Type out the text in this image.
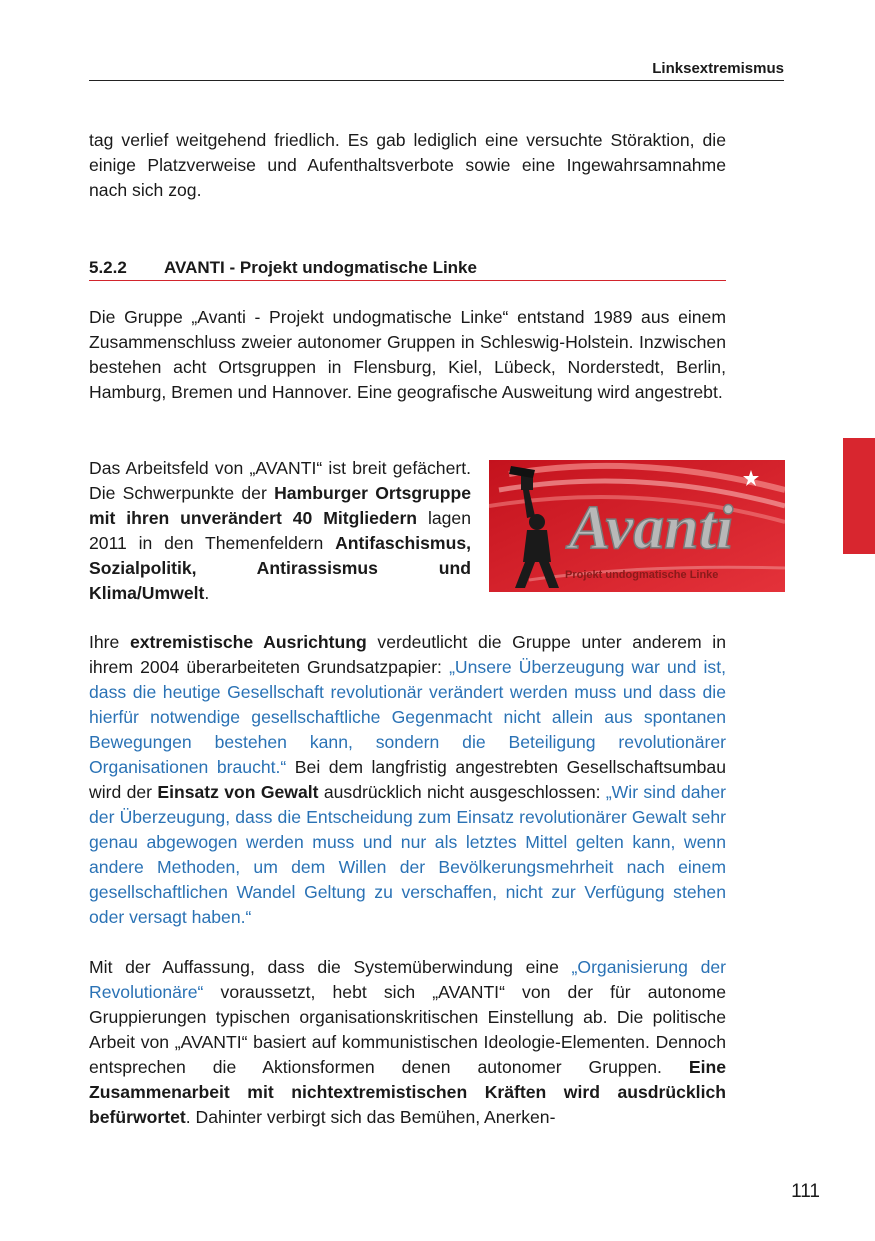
Linksextremismus

tag verlief weitgehend friedlich. Es gab lediglich eine versuchte Störaktion, die einige Platzverweise und Aufenthaltsverbote sowie eine Ingewahrsamnahme nach sich zog.

5.2.2 AVANTI - Projekt undogmatische Linke

Die Gruppe „Avanti - Projekt undogmatische Linke“ entstand 1989 aus einem Zusammenschluss zweier autonomer Gruppen in Schleswig-Holstein. Inzwischen bestehen acht Ortsgruppen in Flensburg, Kiel, Lübeck, Norderstedt, Berlin, Hamburg, Bremen und Hannover. Eine geografische Ausweitung wird angestrebt.

Das Arbeitsfeld von „AVANTI“ ist breit gefächert. Die Schwerpunkte der Hamburger Ortsgruppe mit ihren unverändert 40 Mitgliedern lagen 2011 in den Themenfeldern Antifaschismus, Sozialpolitik, Antirassismus und Klima/Umwelt.

Avanti
Projekt undogmatische Linke

Ihre extremistische Ausrichtung verdeutlicht die Gruppe unter anderem in ihrem 2004 überarbeiteten Grundsatzpapier: „Unsere Überzeugung war und ist, dass die heutige Gesellschaft revolutionär verändert werden muss und dass die hierfür notwendige gesellschaftliche Gegenmacht nicht allein aus spontanen Bewegungen bestehen kann, sondern die Beteiligung revolutionärer Organisationen braucht.“ Bei dem langfristig angestrebten Gesellschaftsumbau wird der Einsatz von Gewalt ausdrücklich nicht ausgeschlossen: „Wir sind daher der Überzeugung, dass die Entscheidung zum Einsatz revolutionärer Gewalt sehr genau abgewogen werden muss und nur als letztes Mittel gelten kann, wenn andere Methoden, um dem Willen der Bevölkerungsmehrheit nach einem gesellschaftlichen Wandel Geltung zu verschaffen, nicht zur Verfügung stehen oder versagt haben.“

Mit der Auffassung, dass die Systemüberwindung eine „Organisierung der Revolutionäre“ voraussetzt, hebt sich „AVANTI“ von der für autonome Gruppierungen typischen organisationskritischen Einstellung ab. Die politische Arbeit von „AVANTI“ basiert auf kommunistischen Ideologie-Elementen. Dennoch entsprechen die Aktionsformen denen autonomer Gruppen. Eine Zusammenarbeit mit nichtextremistischen Kräften wird ausdrücklich befürwortet. Dahinter verbirgt sich das Bemühen, Anerken-

111
